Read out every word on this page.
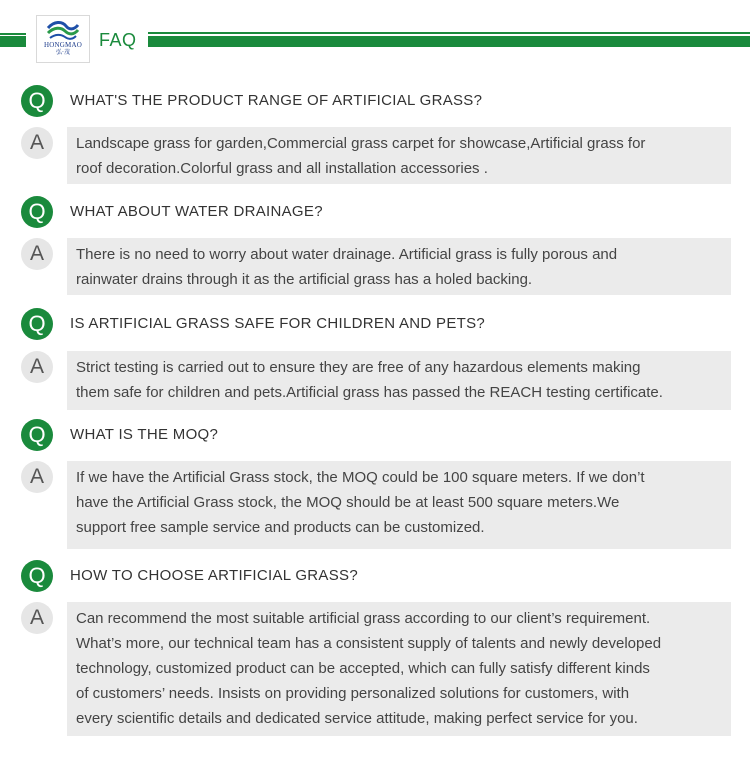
HONGMAO
弘·茂
FAQ
Q	WHAT'S THE PRODUCT RANGE OF ARTIFICIAL GRASS?
A	Landscape grass for garden,Commercial grass carpet for showcase,Artificial grass for
roof decoration.Colorful grass and all installation accessories .
Q	WHAT ABOUT WATER DRAINAGE?
A	There is no need to worry about water drainage. Artificial grass is fully porous and
rainwater drains through it as the artificial grass has a holed backing.
Q	IS ARTIFICIAL GRASS SAFE FOR CHILDREN AND PETS?
A	Strict testing is carried out to ensure they are free of any hazardous elements making
them safe for children and pets.Artificial grass has passed the REACH testing certificate.
Q	WHAT IS THE MOQ?
A	If we have the Artificial Grass stock, the MOQ could be 100 square meters. If we don’t
have the Artificial Grass stock, the MOQ should be at least 500 square meters.We
support free sample service and products can be customized.
Q	HOW TO CHOOSE ARTIFICIAL GRASS?
A	Can recommend the most suitable artificial grass according to our client’s requirement.
What’s more, our technical team has a consistent supply of talents and newly developed
technology, customized product can be accepted, which can fully satisfy different kinds
of customers’ needs. Insists on providing personalized solutions for customers, with
every scientific details and dedicated service attitude, making perfect service for you.
